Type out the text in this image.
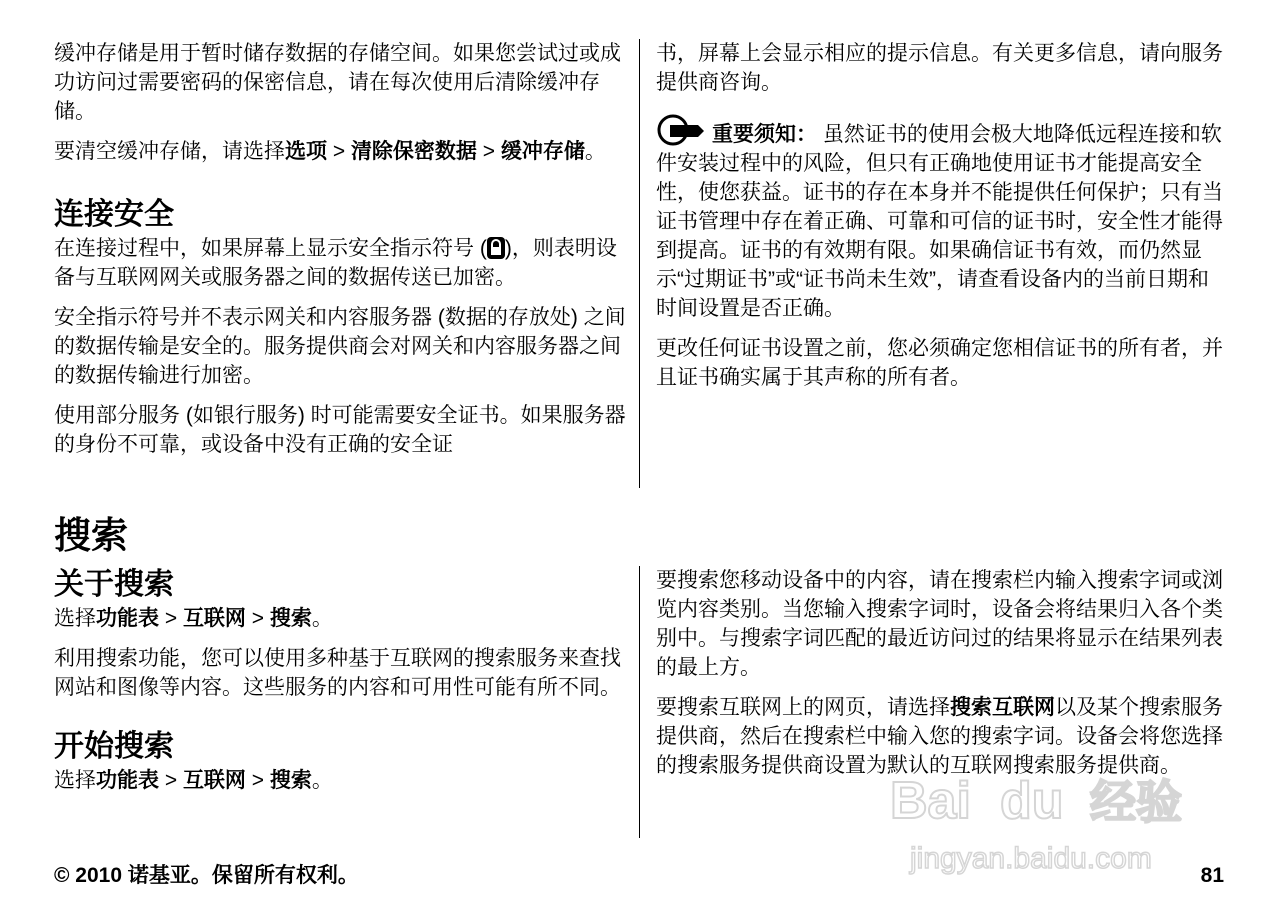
缓冲存储是用于暂时储存数据的存储空间。如果您尝试过或成功访问过需要密码的保密信息，请在每次使用后清除缓冲存储。

要清空缓冲存储，请选择选项 > 清除保密数据 > 缓冲存储。

连接安全

在连接过程中，如果屏幕上显示安全指示符号 ( )，则表明设备与互联网网关或服务器之间的数据传送已加密。

安全指示符号并不表示网关和内容服务器 (数据的存放处) 之间的数据传输是安全的。服务提供商会对网关和内容服务器之间的数据传输进行加密。

使用部分服务 (如银行服务) 时可能需要安全证书。如果服务器的身份不可靠，或设备中没有正确的安全证

书，屏幕上会显示相应的提示信息。有关更多信息，请向服务提供商咨询。

重要须知： 虽然证书的使用会极大地降低远程连接和软件安装过程中的风险，但只有正确地使用证书才能提高安全性，使您获益。证书的存在本身并不能提供任何保护；只有当证书管理中存在着正确、可靠和可信的证书时，安全性才能得到提高。证书的有效期有限。如果确信证书有效，而仍然显示“过期证书”或“证书尚未生效”，请查看设备内的当前日期和时间设置是否正确。

更改任何证书设置之前，您必须确定您相信证书的所有者，并且证书确实属于其声称的所有者。

搜索
关于搜索

选择功能表 > 互联网 > 搜索。

利用搜索功能，您可以使用多种基于互联网的搜索服务来查找网站和图像等内容。这些服务的内容和可用性可能有所不同。

开始搜索

选择功能表 > 互联网 > 搜索。

要搜索您移动设备中的内容，请在搜索栏内输入搜索字词或浏览内容类别。当您输入搜索字词时，设备会将结果归入各个类别中。与搜索字词匹配的最近访问过的结果将显示在结果列表的最上方。

要搜索互联网上的网页，请选择搜索互联网以及某个搜索服务提供商，然后在搜索栏中输入您的搜索字词。设备会将您选择的搜索服务提供商设置为默认的互联网搜索服务提供商。

© 2010 诺基亚。保留所有权利。	81
Bai du 经验
jingyan.baidu.com
